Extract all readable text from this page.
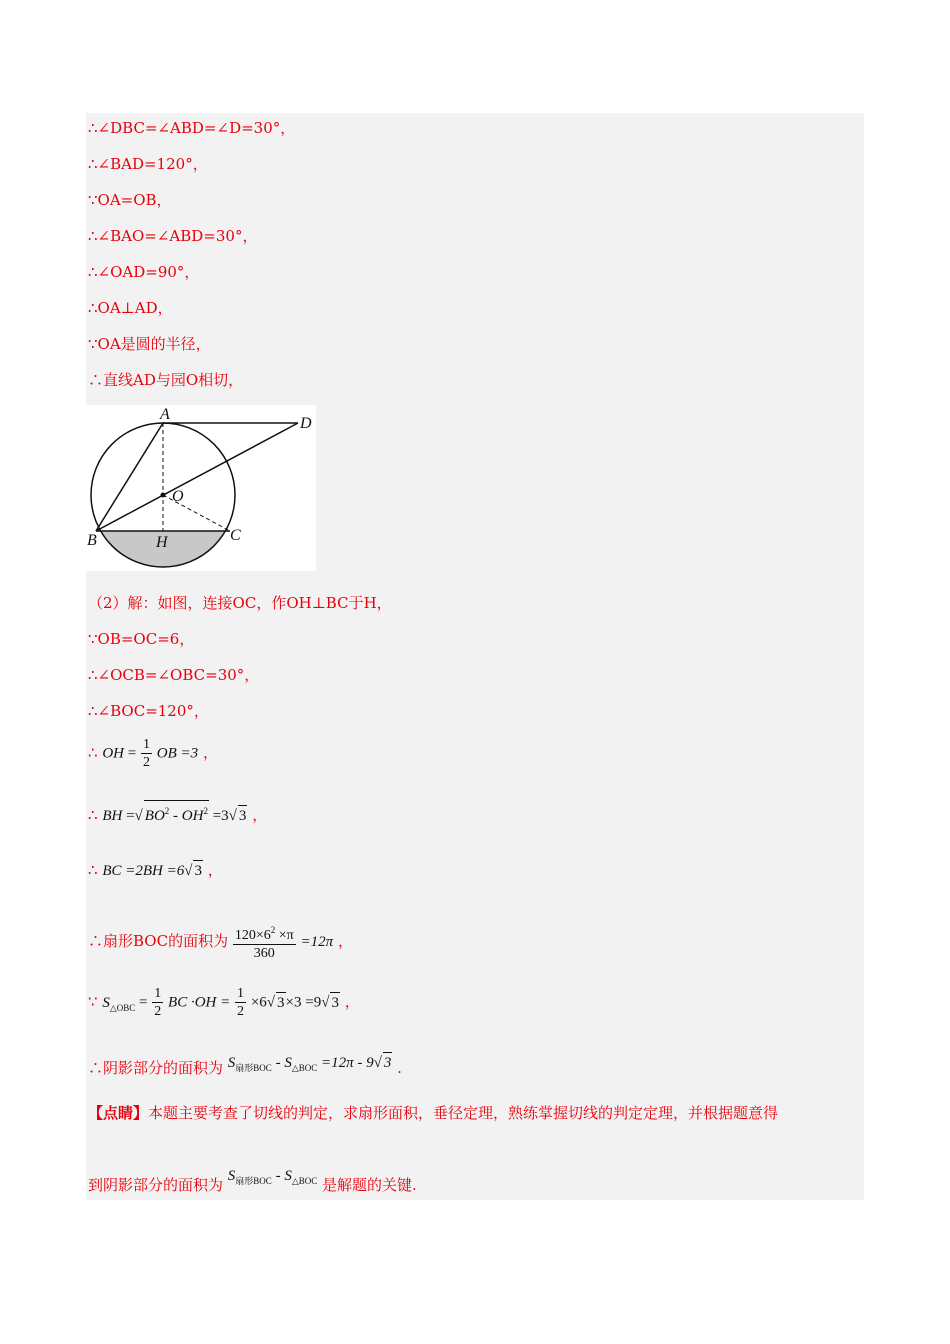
∴∠DBC=∠ABD=∠D=30°，
∴∠BAD=120°，
∵OA=OB，
∴∠BAO=∠ABD=30°，
∴∠OAD=90°，
∴OA⊥AD，
∵OA是圆的半径，
∴直线AD与园O相切，
A
D
O
B	H	C
（2）解：如图，连接OC，作OH⊥BC于H，
∵OB=OC=6，
∴∠OCB=∠OBC=30°，
∴∠BOC=120°，
∴ OH = $\frac{1}{2}$ OB =3 ，
∴ BH =√ $BO^2 - OH^2 =3√$ 3 ，
∴ BC =2BH =6√ 3 ，
∴扇形BOC的面积为 $\frac{120\times 6^2 \times\pi}{360} =12\pi$ ，
∵ $S_{\triangle OBC} = \frac{1}{2}$ BC $\cdot OH = \frac{1}{2} \times 6√$ 3×3 =9√ 3 ，
∴阴影部分的面积为 $S_{扇形BOC} - S_{\triangle BOC} =12\pi - 9√$ 3 .
【点睛】本题主要考查了切线的判定，求扇形面积，垂径定理，熟练掌握切线的判定定理，并根据题意得
到阴影部分的面积为 $S_{扇形BOC} - S_{\triangle BOC}$ 是解题的关键.
